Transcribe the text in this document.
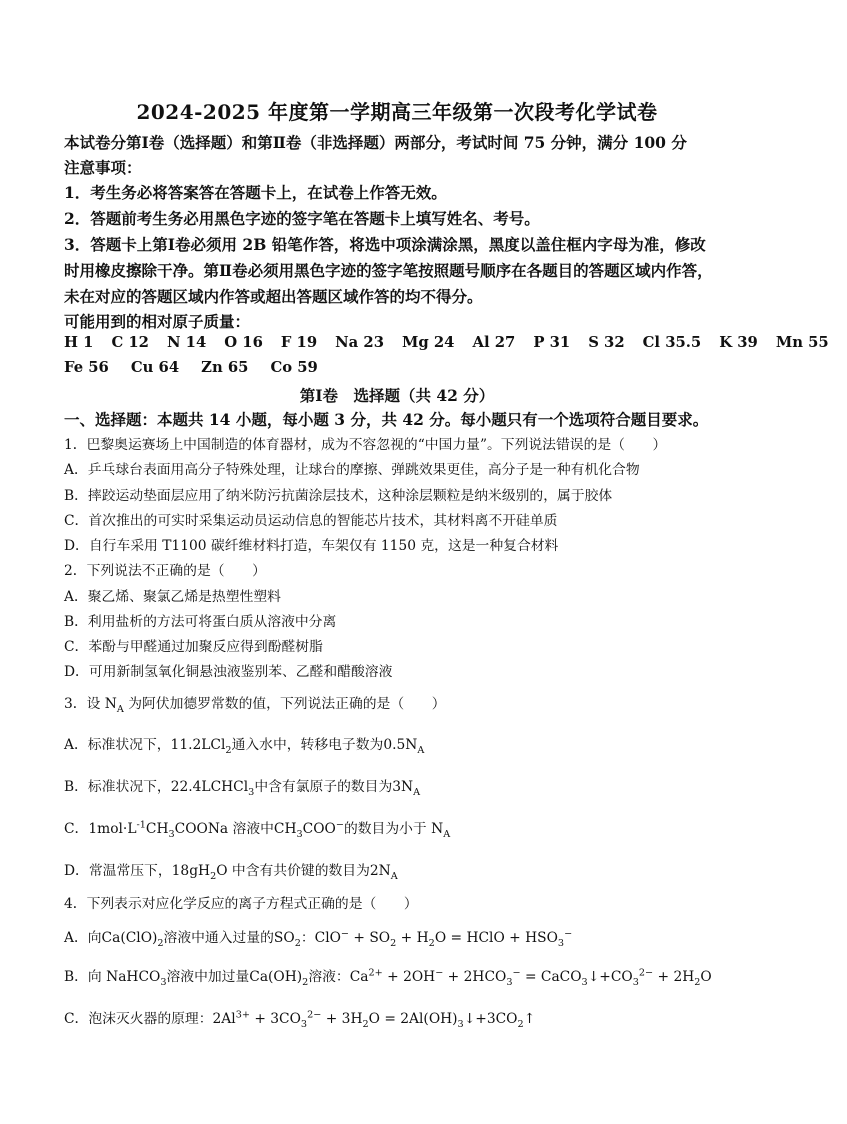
2024-2025 年度第一学期高三年级第一次段考化学试卷
本试卷分第Ⅰ卷（选择题）和第Ⅱ卷（非选择题）两部分，考试时间 75 分钟，满分 100 分
注意事项：
1．考生务必将答案答在答题卡上，在试卷上作答无效。
2．答题前考生务必用黑色字迹的签字笔在答题卡上填写姓名、考号。
3．答题卡上第Ⅰ卷必须用 2B 铅笔作答，将选中项涂满涂黑，黑度以盖住框内字母为准，修改
时用橡皮擦除干净。第Ⅱ卷必须用黑色字迹的签字笔按照题号顺序在各题目的答题区域内作答，
未在对应的答题区域内作答或超出答题区域作答的均不得分。
可能用到的相对原子质量：
H 1 C 12 N 14 O 16 F 19 Na 23 Mg 24 Al 27 P 31 S 32 Cl 35.5 K 39 Mn 55
Fe 56 Cu 64 Zn 65 Co 59
第Ⅰ卷　选择题（共 42 分）
一、选择题：本题共 14 小题，每小题 3 分，共 42 分。每小题只有一个选项符合题目要求。
1．巴黎奥运赛场上中国制造的体育器材，成为不容忽视的“中国力量”。下列说法错误的是（　　）
A．乒乓球台表面用高分子特殊处理，让球台的摩擦、弹跳效果更佳，高分子是一种有机化合物
B．摔跤运动垫面层应用了纳米防污抗菌涂层技术，这种涂层颗粒是纳米级别的，属于胶体
C．首次推出的可实时采集运动员运动信息的智能芯片技术，其材料离不开硅单质
D．自行车采用 T1100 碳纤维材料打造，车架仅有 1150 克，这是一种复合材料
2．下列说法不正确的是（　　）
A．聚乙烯、聚氯乙烯是热塑性塑料
B．利用盐析的方法可将蛋白质从溶液中分离
C．苯酚与甲醛通过加聚反应得到酚醛树脂
D．可用新制氢氧化铜悬浊液鉴别苯、乙醛和醋酸溶液
3．设 $N_A$ 为阿伏加德罗常数的值，下列说法正确的是（　　）
A．标准状况下，11.2LCl$_2$通入水中，转移电子数为$0.5N_A$
B．标准状况下，22.4LCHCl$_3$中含有氯原子的数目为$3N_A$
C．$1mol\cdot L^{-1}CH_3COONa$ 溶液中$CH_3COO^-$的数目为小于 $N_A$
D．常温常压下，$18gH_2O$ 中含有共价键的数目为$2N_A$
4．下列表示对应化学反应的离子方程式正确的是（　　）
A．向$Ca(ClO)_2$溶液中通入过量的$SO_2$：$ClO^- + SO_2 + H_2O$ = HClO + $HSO_3^-$
B．向 NaHCO$_3$溶液中加过量$Ca(OH)_2$溶液：$Ca^{2+} + 2OH^- + 2HCO_3^-$ = $CaCO_3↓+CO_3^{2-} + 2H_2O$
C．泡沫灭火器的原理：$2Al^{3+} + 3CO_3^{2-} + 3H_2O$ = $2Al(OH)_3↓+3CO_2↑$
